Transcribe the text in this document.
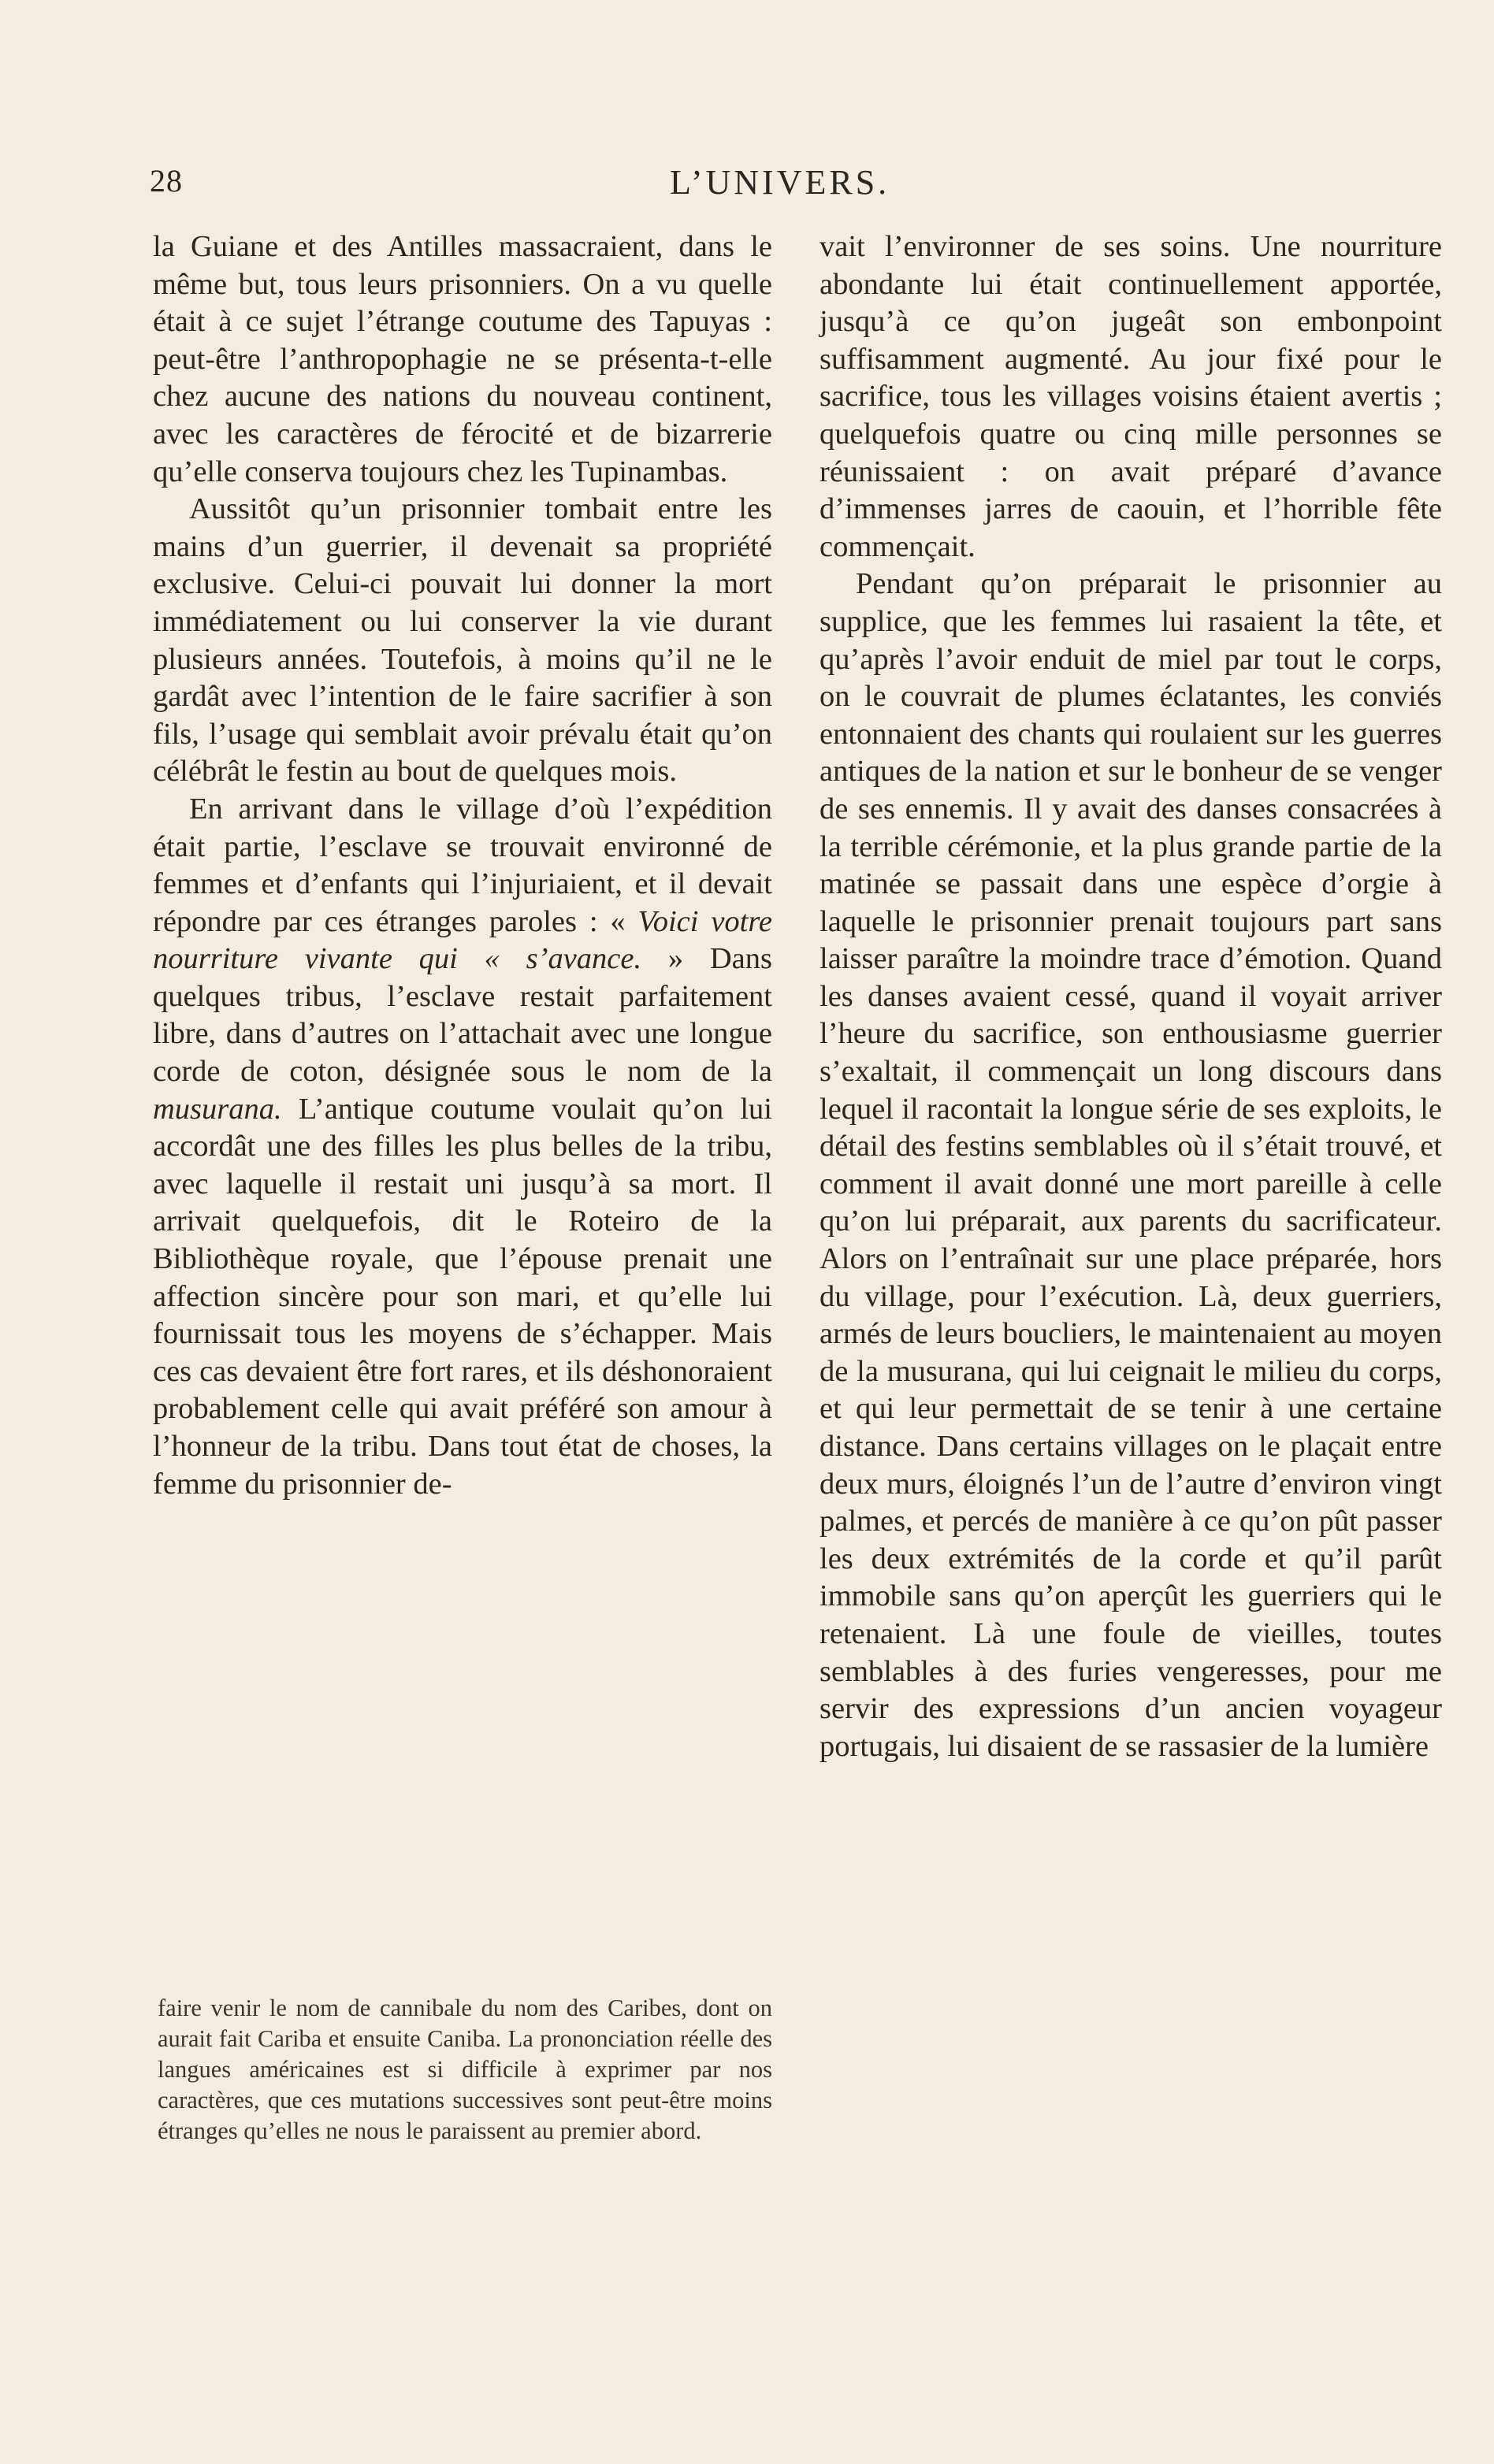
28	L’UNIVERS.

la Guiane et des Antilles massacraient, dans le même but, tous leurs prisonniers. On a vu quelle était à ce sujet l’étrange coutume des Tapuyas : peut-être l’anthropophagie ne se présenta-t-elle chez aucune des nations du nouveau continent, avec les caractères de férocité et de bizarrerie qu’elle conserva toujours chez les Tupinambas.

Aussitôt qu’un prisonnier tombait entre les mains d’un guerrier, il devenait sa propriété exclusive. Celui-ci pouvait lui donner la mort immédiatement ou lui conserver la vie durant plusieurs années. Toutefois, à moins qu’il ne le gardât avec l’intention de le faire sacrifier à son fils, l’usage qui semblait avoir prévalu était qu’on célébrât le festin au bout de quelques mois.

En arrivant dans le village d’où l’expédition était partie, l’esclave se trouvait environné de femmes et d’enfants qui l’injuriaient, et il devait répondre par ces étranges paroles : « Voici votre nourriture vivante qui « s’avance. » Dans quelques tribus, l’esclave restait parfaitement libre, dans d’autres on l’attachait avec une longue corde de coton, désignée sous le nom de la musurana. L’antique coutume voulait qu’on lui accordât une des filles les plus belles de la tribu, avec laquelle il restait uni jusqu’à sa mort. Il arrivait quelquefois, dit le Roteiro de la Bibliothèque royale, que l’épouse prenait une affection sincère pour son mari, et qu’elle lui fournissait tous les moyens de s’échapper. Mais ces cas devaient être fort rares, et ils déshonoraient probablement celle qui avait préféré son amour à l’honneur de la tribu. Dans tout état de choses, la femme du prisonnier de-

faire venir le nom de cannibale du nom des Caribes, dont on aurait fait Cariba et ensuite Caniba. La prononciation réelle des langues américaines est si difficile à exprimer par nos caractères, que ces mutations successives sont peut-être moins étranges qu’elles ne nous le paraissent au premier abord.

vait l’environner de ses soins. Une nourriture abondante lui était continuellement apportée, jusqu’à ce qu’on jugeât son embonpoint suffisamment augmenté. Au jour fixé pour le sacrifice, tous les villages voisins étaient avertis ; quelquefois quatre ou cinq mille personnes se réunissaient : on avait préparé d’avance d’immenses jarres de caouin, et l’horrible fête commençait.

Pendant qu’on préparait le prisonnier au supplice, que les femmes lui rasaient la tête, et qu’après l’avoir enduit de miel par tout le corps, on le couvrait de plumes éclatantes, les conviés entonnaient des chants qui roulaient sur les guerres antiques de la nation et sur le bonheur de se venger de ses ennemis. Il y avait des danses consacrées à la terrible cérémonie, et la plus grande partie de la matinée se passait dans une espèce d’orgie à laquelle le prisonnier prenait toujours part sans laisser paraître la moindre trace d’émotion. Quand les danses avaient cessé, quand il voyait arriver l’heure du sacrifice, son enthousiasme guerrier s’exaltait, il commençait un long discours dans lequel il racontait la longue série de ses exploits, le détail des festins semblables où il s’était trouvé, et comment il avait donné une mort pareille à celle qu’on lui préparait, aux parents du sacrificateur. Alors on l’entraînait sur une place préparée, hors du village, pour l’exécution. Là, deux guerriers, armés de leurs boucliers, le maintenaient au moyen de la musurana, qui lui ceignait le milieu du corps, et qui leur permettait de se tenir à une certaine distance. Dans certains villages on le plaçait entre deux murs, éloignés l’un de l’autre d’environ vingt palmes, et percés de manière à ce qu’on pût passer les deux extrémités de la corde et qu’il parût immobile sans qu’on aperçût les guerriers qui le retenaient. Là une foule de vieilles, toutes semblables à des furies vengeresses, pour me servir des expressions d’un ancien voyageur portugais, lui disaient de se rassasier de la lumière
